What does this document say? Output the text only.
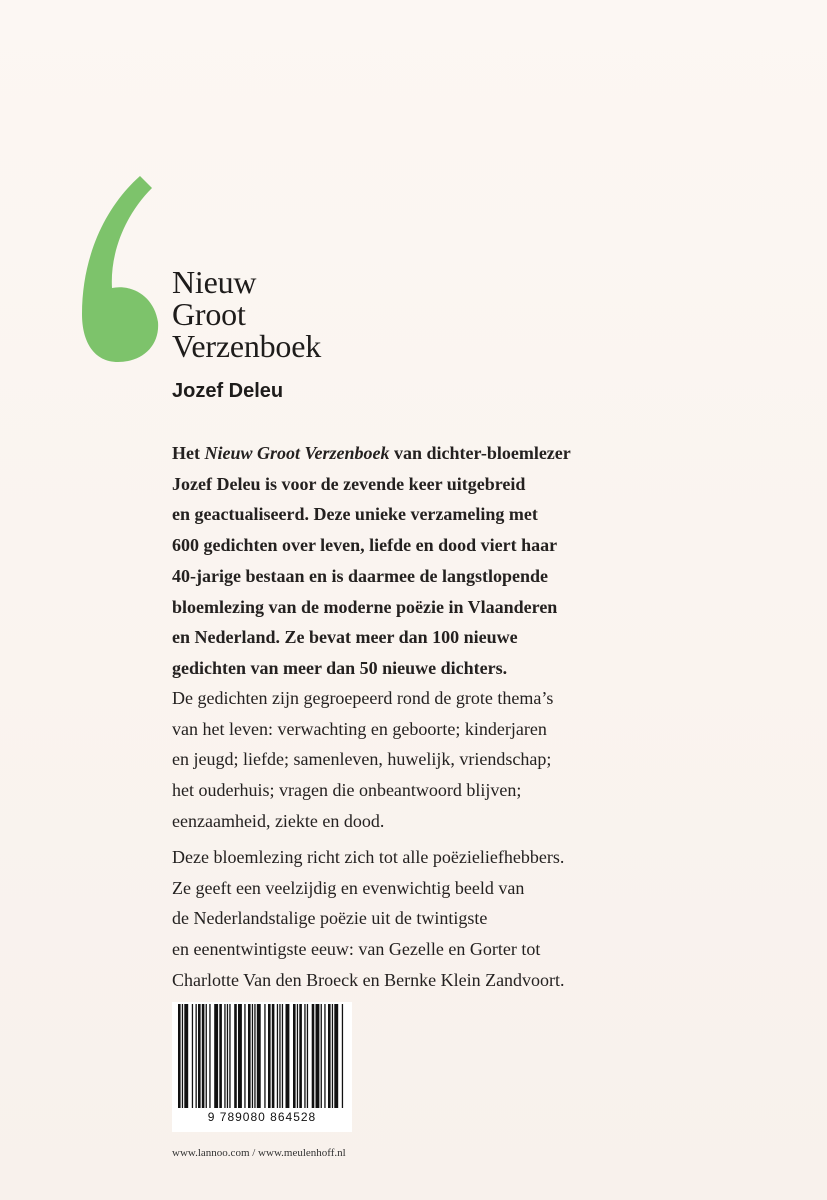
Nieuw
Groot
Verzenboek
Jozef Deleu
Het Nieuw Groot Verzenboek van dichter-bloemlezer
Jozef Deleu is voor de zevende keer uitgebreid
en geactualiseerd. Deze unieke verzameling met
600 gedichten over leven, liefde en dood viert haar
40-jarige bestaan en is daarmee de langstlopende
bloemlezing van de moderne poëzie in Vlaanderen
en Nederland. Ze bevat meer dan 100 nieuwe
gedichten van meer dan 50 nieuwe dichters.
De gedichten zijn gegroepeerd rond de grote thema’s
van het leven: verwachting en geboorte; kinderjaren
en jeugd; liefde; samenleven, huwelijk, vriendschap;
het ouderhuis; vragen die onbeantwoord blijven;
eenzaamheid, ziekte en dood.
Deze bloemlezing richt zich tot alle poëzieliefhebbers.
Ze geeft een veelzijdig en evenwichtig beeld van
de Nederlandstalige poëzie uit de twintigste
en eenentwintigste eeuw: van Gezelle en Gorter tot
Charlotte Van den Broeck en Bernke Klein Zandvoort.
9 789080 864528
www.lannoo.com / www.meulenhoff.nl
